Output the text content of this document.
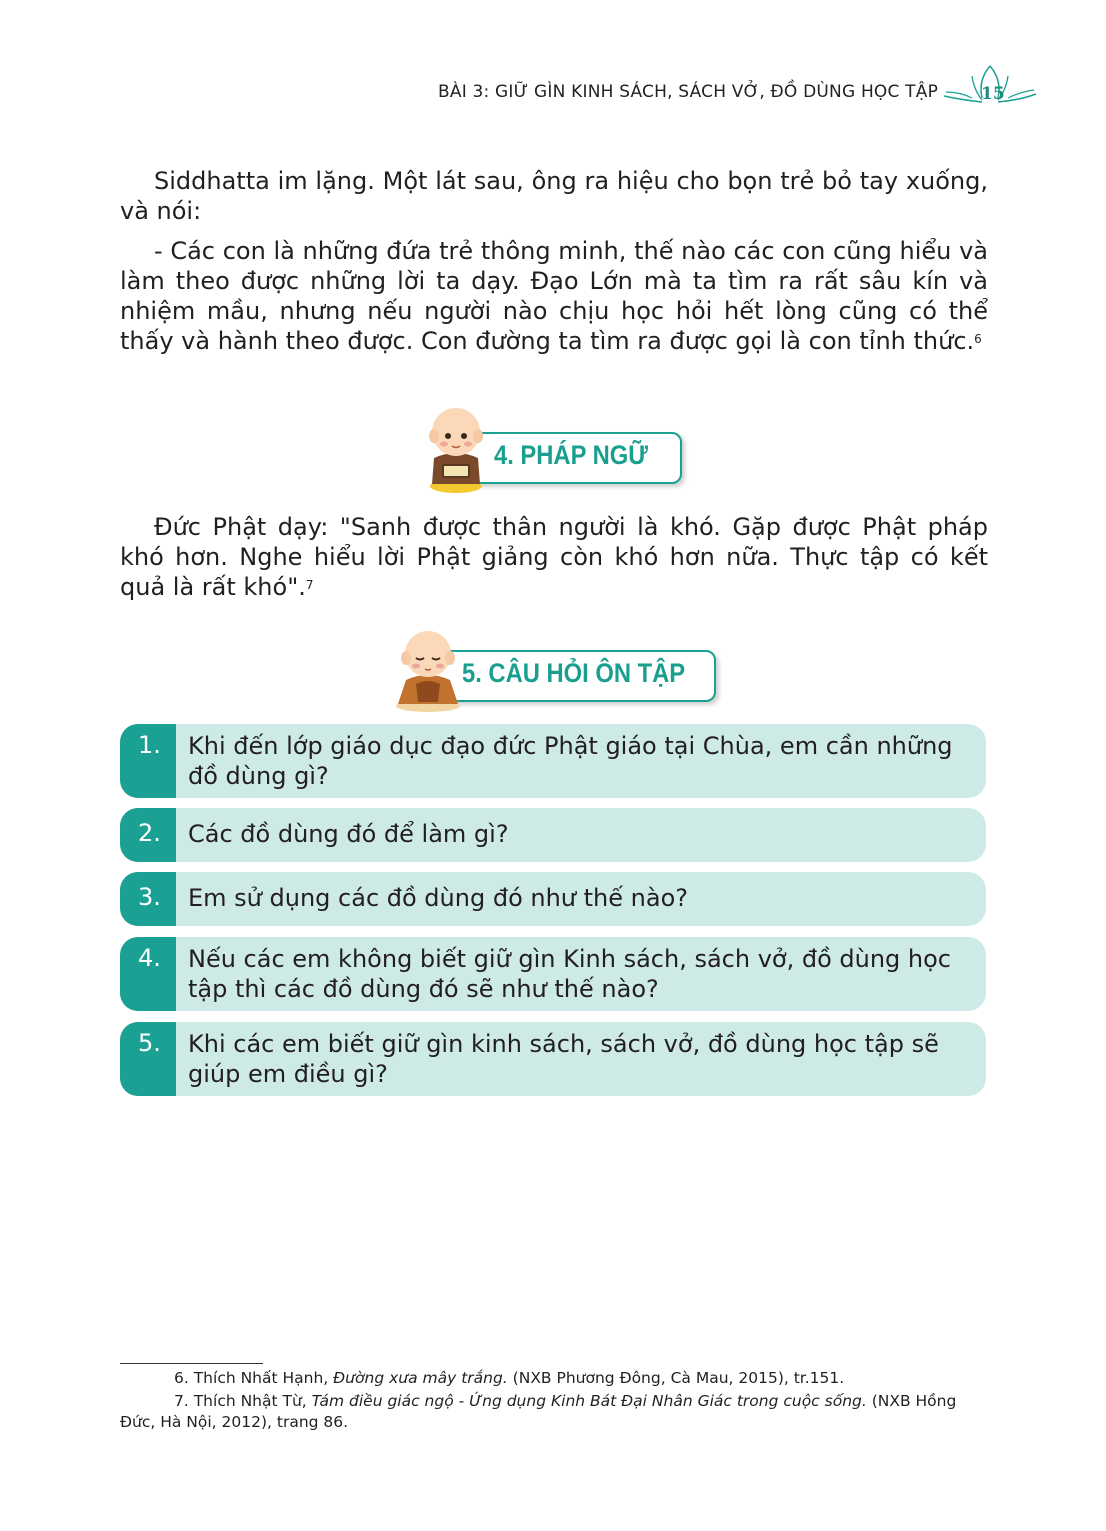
BÀI 3: GIỮ GÌN KINH SÁCH, SÁCH VỞ, ĐỒ DÙNG HỌC TẬP	15

Siddhatta im lặng. Một lát sau, ông ra hiệu cho bọn trẻ bỏ tay xuống, và nói:

- Các con là những đứa trẻ thông minh, thế nào các con cũng hiểu và làm theo được những lời ta dạy. Đạo Lớn mà ta tìm ra rất sâu kín và nhiệm mầu, nhưng nếu người nào chịu học hỏi hết lòng cũng có thể thấy và hành theo được. Con đường ta tìm ra được gọi là con tỉnh thức.$^6$

4. PHÁP NGỮ

Đức Phật dạy: "Sanh được thân người là khó. Gặp được Phật pháp khó hơn. Nghe hiểu lời Phật giảng còn khó hơn nữa. Thực tập có kết quả là rất khó".$^7$

5. CÂU HỎI ÔN TẬP
1. Khi đến lớp giáo dục đạo đức Phật giáo tại Chùa, em cần những đồ dùng gì?
2. Các đồ dùng đó để làm gì?
3. Em sử dụng các đồ dùng đó như thế nào?
4. Nếu các em không biết giữ gìn Kinh sách, sách vở, đồ dùng học tập thì các đồ dùng đó sẽ như thế nào?
5. Khi các em biết giữ gìn kinh sách, sách vở, đồ dùng học tập sẽ giúp em điều gì?

6. Thích Nhất Hạnh, Đường xưa mây trắng. (NXB Phương Đông, Cà Mau, 2015), tr.151.

7. Thích Nhật Từ, Tám điều giác ngộ - Ứng dụng Kinh Bát Đại Nhân Giác trong cuộc sống. (NXB Hồng Đức, Hà Nội, 2012), trang 86.
